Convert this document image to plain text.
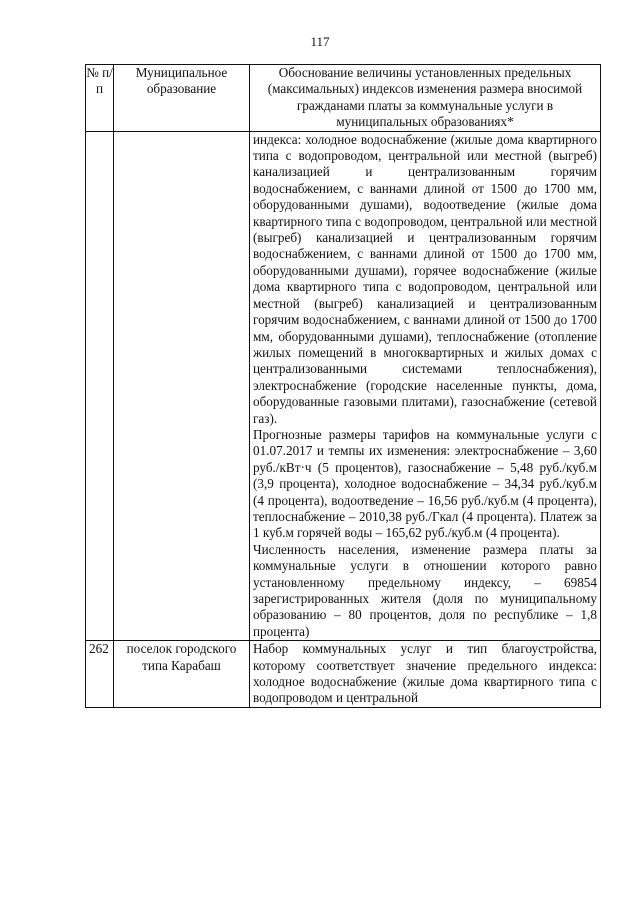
117
№ п/п	Муниципальное образование	Обоснование величины установленных предельных (максимальных) индексов изменения размера вносимой гражданами платы за коммунальные услуги в муниципальных образованиях*

		индекса: холодное водоснабжение (жилые дома квартирного типа с водопроводом, центральной или местной (выгреб) канализацией и централизованным горячим водоснабжением, с ваннами длиной от 1500 до 1700 мм, оборудованными душами), водоотведение (жилые дома квартирного типа с водопроводом, центральной или местной (выгреб) канализацией и централизованным горячим водоснабжением, с ваннами длиной от 1500 до 1700 мм, оборудованными душами), горячее водоснабжение (жилые дома квартирного типа с водопроводом, центральной или местной (выгреб) канализацией и централизованным горячим водоснабжением, с ваннами длиной от 1500 до 1700 мм, оборудованными душами), теплоснабжение (отопление жилых помещений в многоквартирных и жилых домах с централизованными системами теплоснабжения), электроснабжение (городские населенные пункты, дома, оборудованные газовыми плитами), газоснабжение (сетевой газ).

Прогнозные размеры тарифов на коммунальные услуги с 01.07.2017 и темпы их изменения: электроснабжение – 3,60 руб./кВт·ч (5 процентов), газоснабжение – 5,48 руб./куб.м (3,9 процента), холодное водоснабжение – 34,34 руб./куб.м (4 процента), водоотведение – 16,56 руб./куб.м (4 процента), теплоснабжение – 2010,38 руб./Гкал (4 процента). Платеж за 1 куб.м горячей воды – 165,62 руб./куб.м (4 процента).

Численность населения, изменение размера платы за коммунальные услуги в отношении которого равно установленному предельному индексу, – 69854 зарегистрированных жителя (доля по муниципальному образованию – 80 процентов, доля по республике – 1,8 процента)

262	поселок городского типа Карабаш	Набор коммунальных услуг и тип благоустройства, которому соответствует значение предельного индекса: холодное водоснабжение (жилые дома квартирного типа с водопроводом и центральной
